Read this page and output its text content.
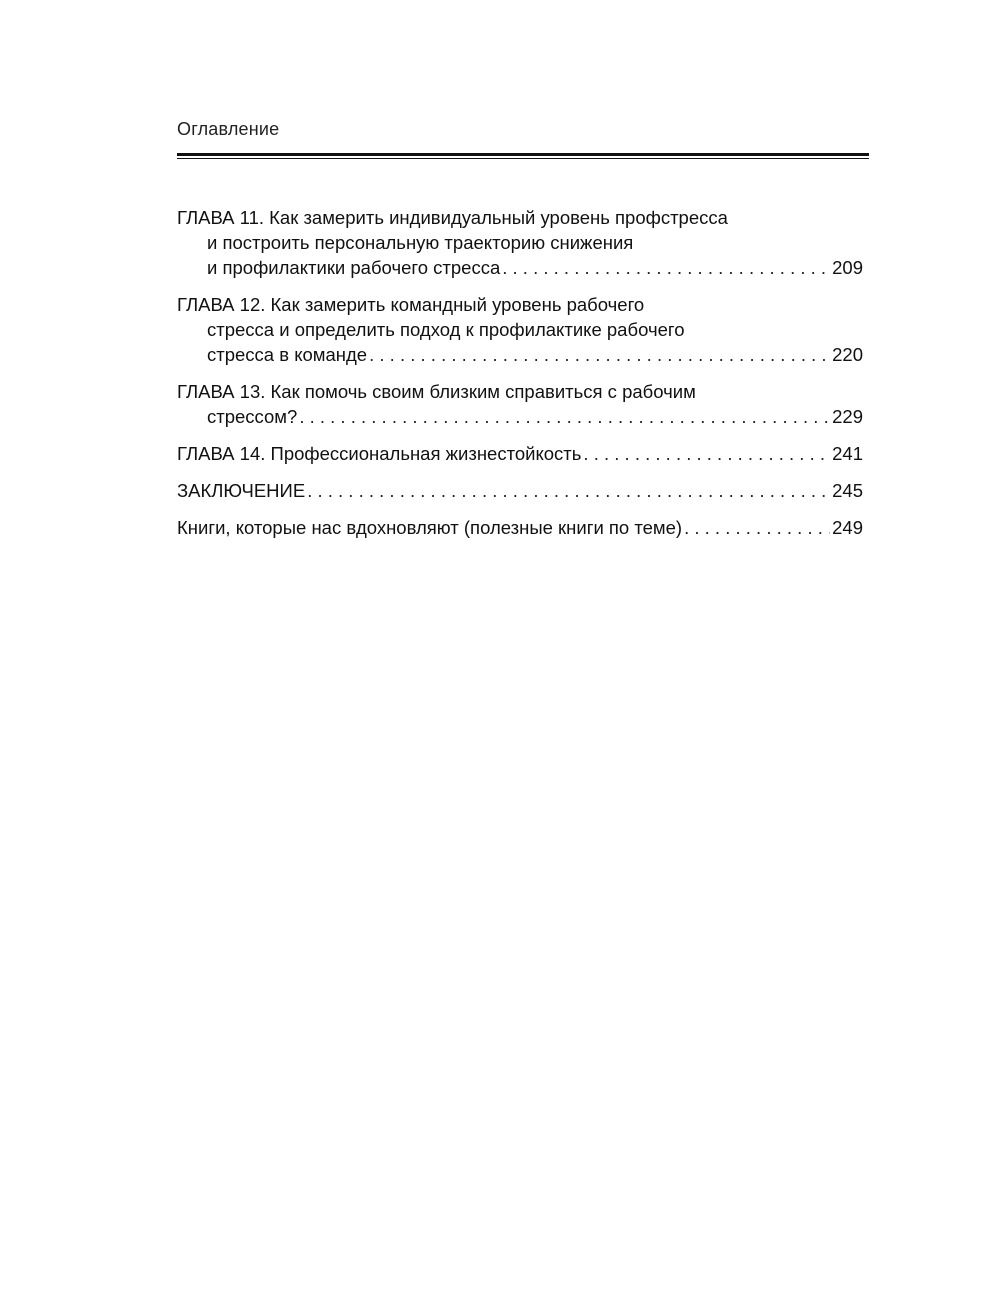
Оглавление
ГЛАВА 11. Как замерить индивидуальный уровень профстресса
и построить персональную траекторию снижения
и профилактики рабочего стресса . . .	209
ГЛАВА 12. Как замерить командный уровень рабочего
стресса и определить подход к профилактике рабочего
стресса в команде . . .	220
ГЛАВА 13. Как помочь своим близким справиться с рабочим
стрессом? . . .	229
ГЛАВА 14. Профессиональная жизнестойкость . . .	241
ЗАКЛЮЧЕНИЕ . . .	245
Книги, которые нас вдохновляют (полезные книги по теме) . . .	249
